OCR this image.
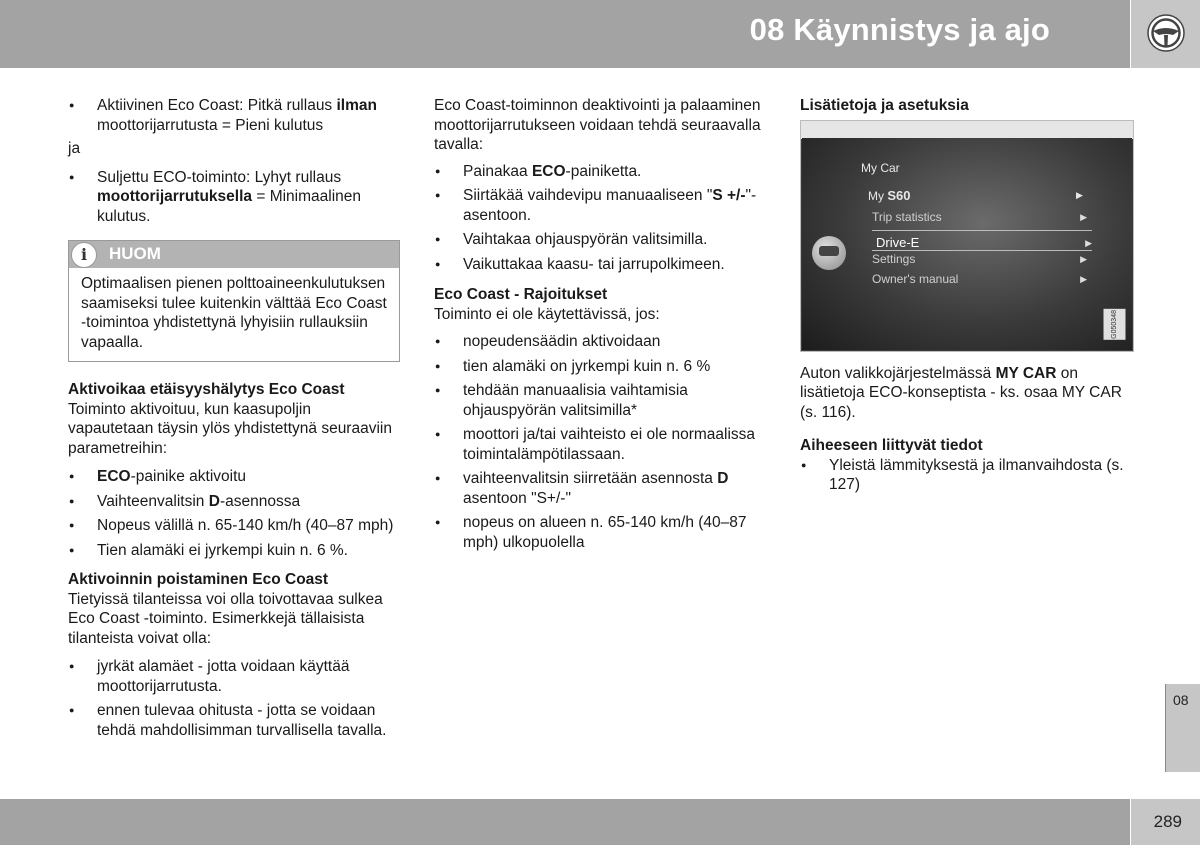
08 Käynnistys ja ajo
● Aktiivinen Eco Coast: Pitkä rullaus ilman moottorijarrutusta = Pieni kulutus

ja

● Suljettu ECO-toiminto: Lyhyt rullaus moottorijarrutuksella = Minimaalinen kulutus.
i	HUOM
Optimaalisen pienen polttoaineenkulutuksen saamiseksi tulee kuitenkin välttää Eco Coast -toimintoa yhdistettynä lyhyisiin rullauksiin vapaalla.
Aktivoikaa etäisyyshälytys Eco Coast

Toiminto aktivoituu, kun kaasupoljin vapautetaan täysin ylös yhdistettynä seuraaviin parametreihin:

● ECO-painike aktivoitu
● Vaihteenvalitsin D-asennossa
● Nopeus välillä n. 65-140 km/h (40–87 mph)
● Tien alamäki ei jyrkempi kuin n. 6 %.
Aktivoinnin poistaminen Eco Coast

Tietyissä tilanteissa voi olla toivottavaa sulkea Eco Coast -toiminto. Esimerkkejä tällaisista tilanteista voivat olla:

● jyrkät alamäet - jotta voidaan käyttää moottorijarrutusta.
● ennen tulevaa ohitusta - jotta se voidaan tehdä mahdollisimman turvallisella tavalla.

Eco Coast-toiminnon deaktivointi ja palaaminen moottorijarrutukseen voidaan tehdä seuraavalla tavalla:

● Painakaa ECO-painiketta.
● Siirtäkää vaihdevipu manuaaliseen "S +/-"-asentoon.
● Vaihtakaa ohjauspyörän valitsimilla.
● Vaikuttakaa kaasu- tai jarrupolkimeen.
Eco Coast - Rajoitukset

Toiminto ei ole käytettävissä, jos:

● nopeudensäädin aktivoidaan
● tien alamäki on jyrkempi kuin n. 6 %
● tehdään manuaalisia vaihtamisia ohjauspyörän valitsimilla*
● moottori ja/tai vaihteisto ei ole normaalissa toimintalämpötilassaan.
● vaihteenvalitsin siirretään asennosta D asentoon "S+/-"
● nopeus on alueen n. 65-140 km/h (40–87 mph) ulkopuolella
Lisätietoja ja asetuksia
My Car
My S60	▶
Trip statistics	▶
Drive-E	▶
Settings	▶
Owner's manual	▶
G050348

Auton valikkojärjestelmässä MY CAR on lisätietoja ECO-konseptista - ks. osaa MY CAR (s. 116).

Aiheeseen liittyvät tiedot
● Yleistä lämmityksestä ja ilmanvaihdosta (s. 127)
08
289
